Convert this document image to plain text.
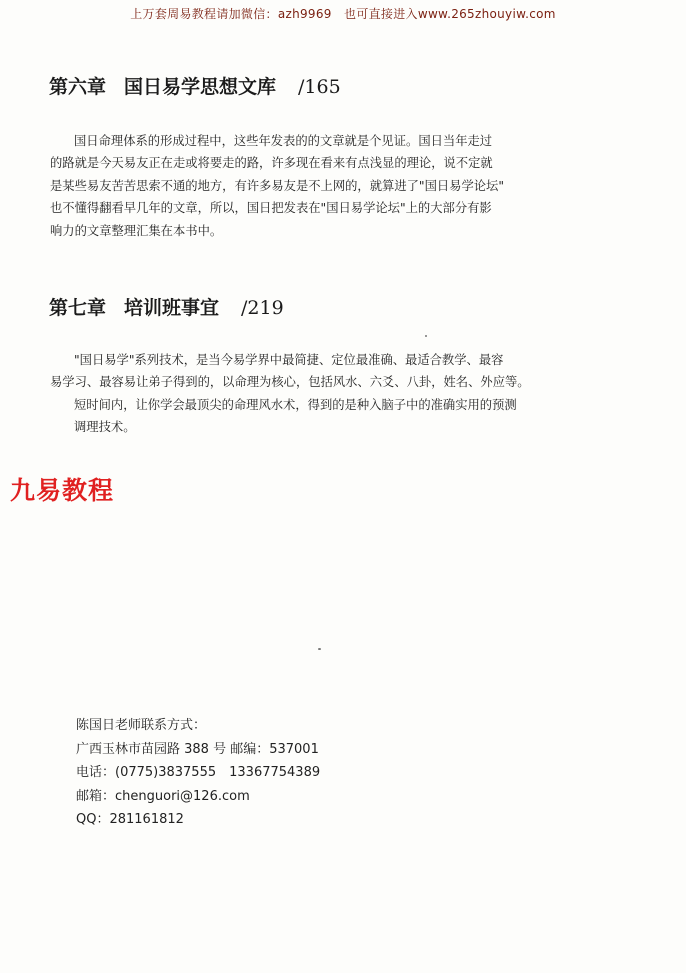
上万套周易教程请加微信：azh9969　也可直接进入www.265zhouyiw.com
第六章 国日易学思想文库 /165
国日命理体系的形成过程中，这些年发表的的文章就是个见证。国日当年走过
的路就是今天易友正在走或将要走的路，许多现在看来有点浅显的理论，说不定就
是某些易友苦苦思索不通的地方，有许多易友是不上网的，就算进了"国日易学论坛"
也不懂得翻看早几年的文章，所以，国日把发表在"国日易学论坛"上的大部分有影
响力的文章整理汇集在本书中。
第七章 培训班事宜 /219
"国日易学"系列技术，是当今易学界中最简捷、定位最准确、最适合教学、最容
易学习、最容易让弟子得到的，以命理为核心，包括风水、六爻、八卦，姓名、外应等。
短时间内，让你学会最顶尖的命理风水术，得到的是种入脑子中的准确实用的预测
调理技术。
九易教程
陈国日老师联系方式：
广西玉林市苗园路 388 号 邮编：537001
电话：(0775)3837555　13367754389
邮箱：chenguori@126.com
QQ：281161812
